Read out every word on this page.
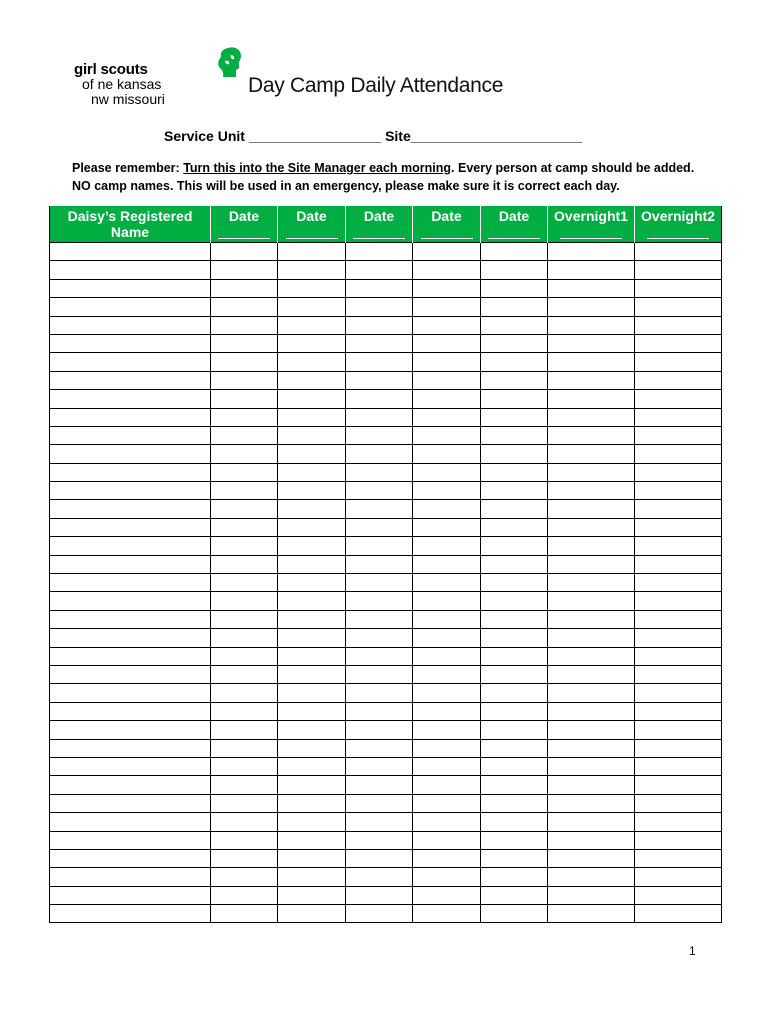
girl scouts
of ne kansas
nw missouri
Day Camp Daily Attendance
Service Unit _________________ Site______________________
Please remember: Turn this into the Site Manager each morning. Every person at camp should be added. NO camp names. This will be used in an emergency, please make sure it is correct each day.
Daisy’s Registered Name	Date	Date	Date	Date	Date	Overnight1	Overnight2

1
